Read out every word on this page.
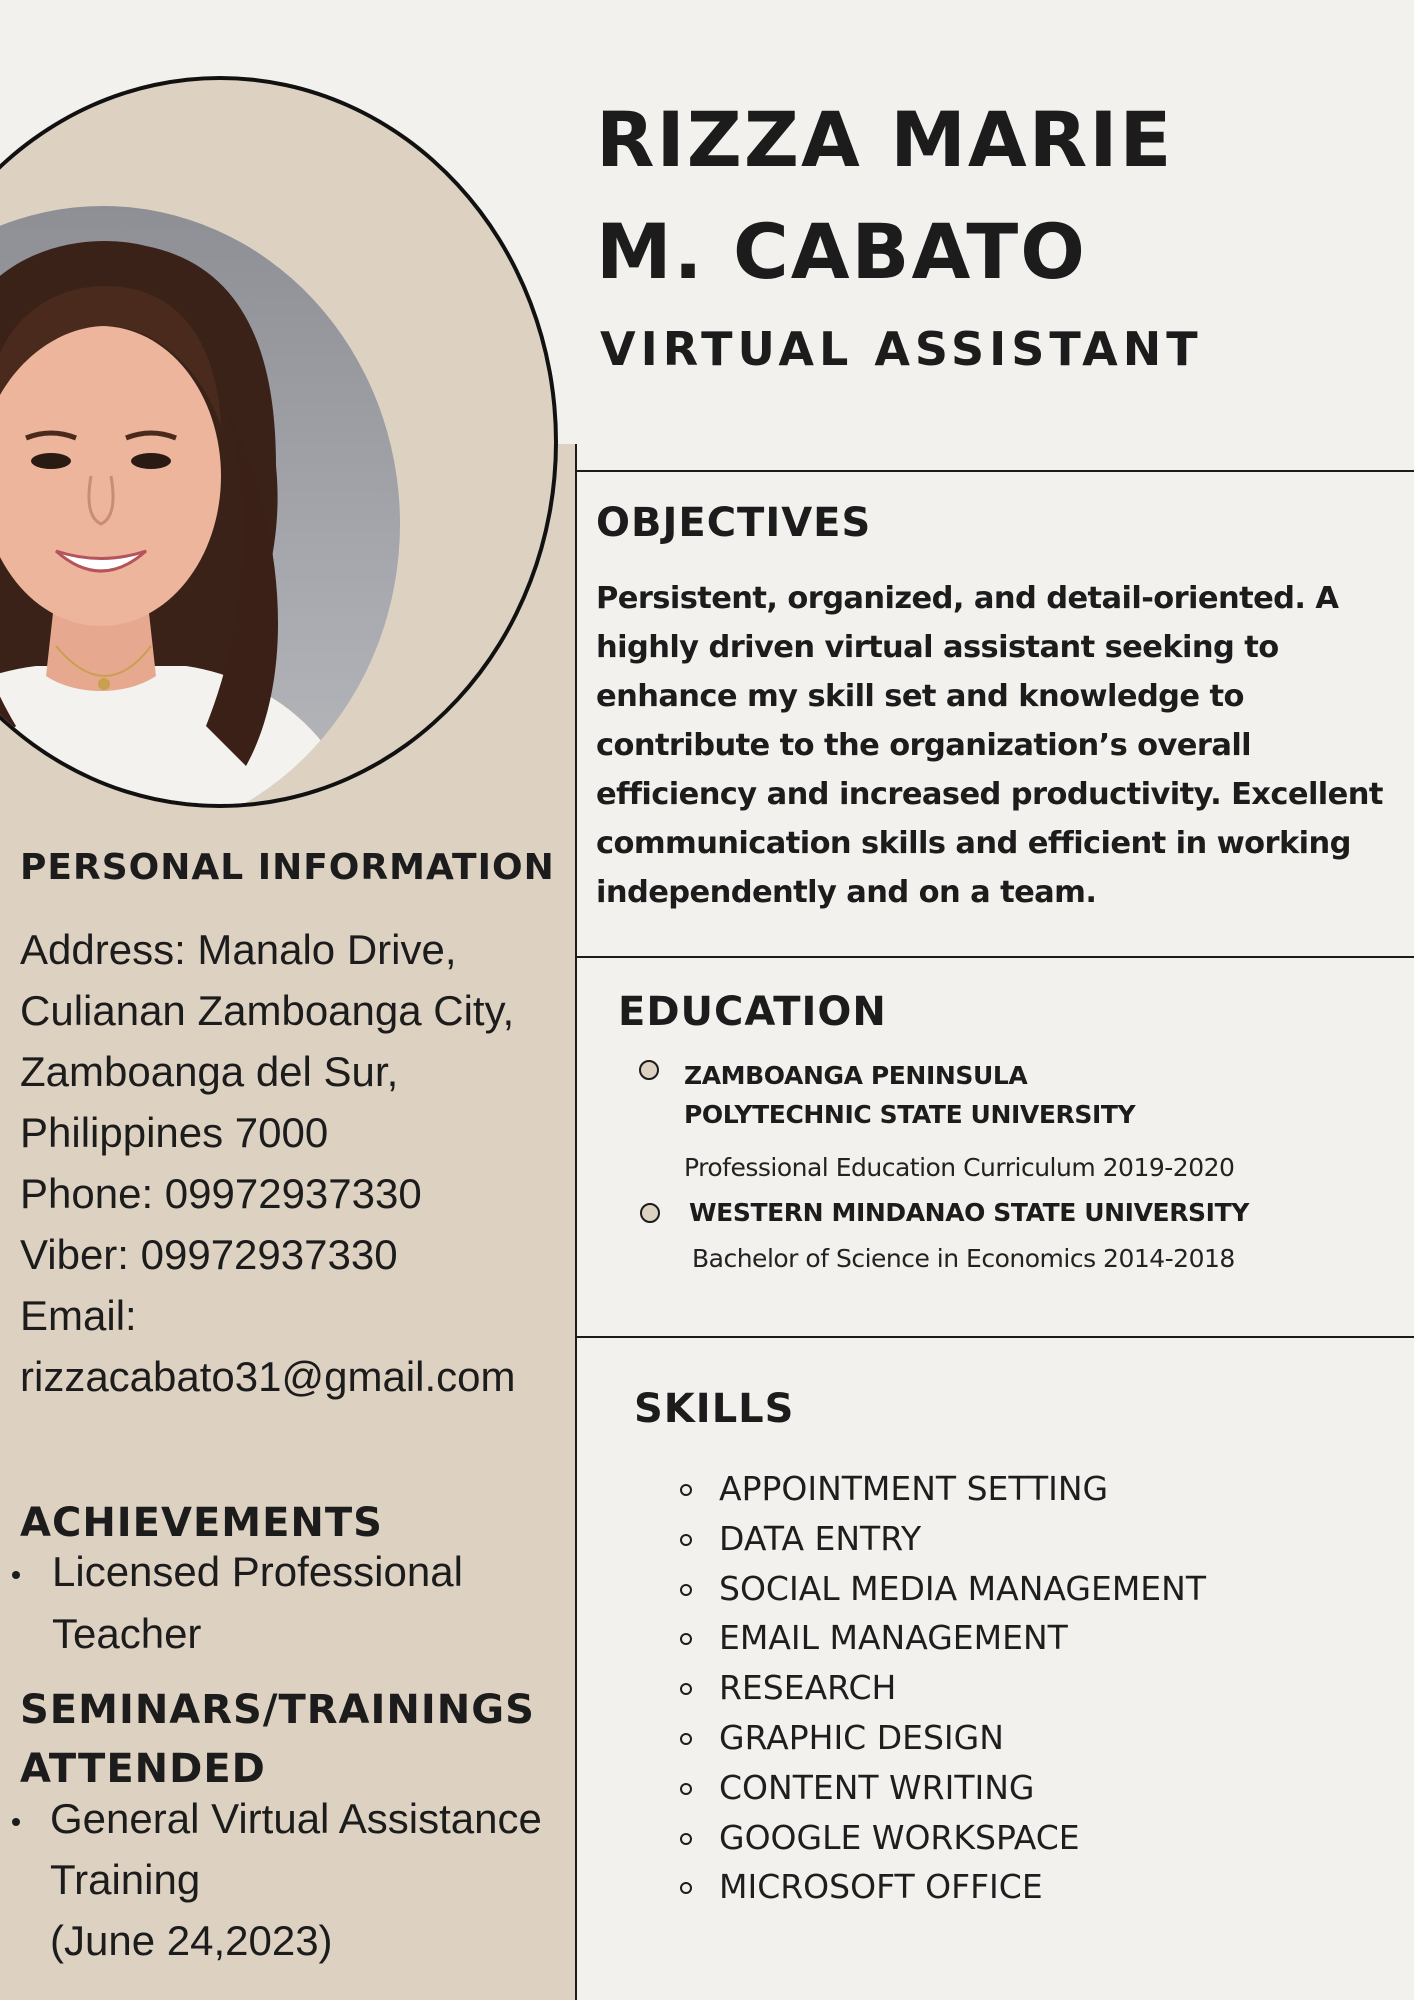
RIZZA MARIE
M. CABATO
VIRTUAL ASSISTANT
OBJECTIVES

Persistent, organized, and detail-oriented. A highly driven virtual assistant seeking to enhance my skill set and knowledge to contribute to the organization’s overall efficiency and increased productivity. Excellent communication skills and efficient in working independently and on a team.

EDUCATION

ZAMBOANGA PENINSULA

POLYTECHNIC STATE UNIVERSITY

Professional Education Curriculum 2019-2020

WESTERN MINDANAO STATE UNIVERSITY

Bachelor of Science in Economics 2014-2018

SKILLS
APPOINTMENT SETTING
DATA ENTRY
SOCIAL MEDIA MANAGEMENT
EMAIL MANAGEMENT
RESEARCH
GRAPHIC DESIGN
CONTENT WRITING
GOOGLE WORKSPACE
MICROSOFT OFFICE
PERSONAL INFORMATION

Address: Manalo Drive,

Culianan Zamboanga City,

Zamboanga del Sur,

Philippines 7000

Phone: 09972937330

Viber: 09972937330

Email:

rizzacabato31@gmail.com

ACHIEVEMENTS

Licensed Professional

Teacher

SEMINARS/TRAININGS
ATTENDED

General Virtual Assistance

Training

(June 24,2023)
